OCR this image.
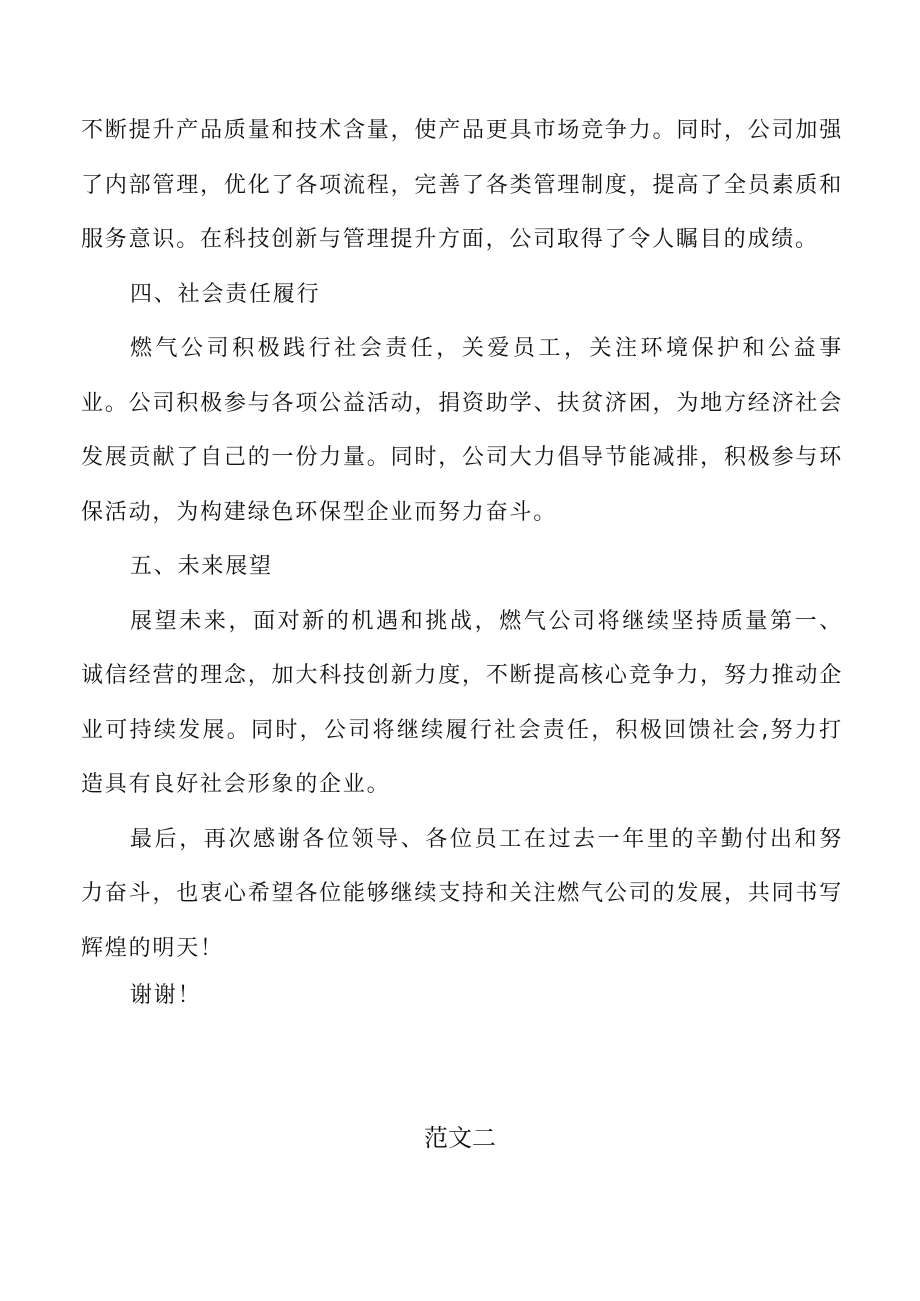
不断提升产品质量和技术含量，使产品更具市场竞争力。同时，公司加强了内部管理，优化了各项流程，完善了各类管理制度，提高了全员素质和服务意识。在科技创新与管理提升方面，公司取得了令人瞩目的成绩。

四、社会责任履行

燃气公司积极践行社会责任，关爱员工，关注环境保护和公益事业。公司积极参与各项公益活动，捐资助学、扶贫济困，为地方经济社会发展贡献了自己的一份力量。同时，公司大力倡导节能减排，积极参与环保活动，为构建绿色环保型企业而努力奋斗。

五、未来展望

展望未来，面对新的机遇和挑战，燃气公司将继续坚持质量第一、诚信经营的理念，加大科技创新力度，不断提高核心竞争力，努力推动企业可持续发展。同时，公司将继续履行社会责任，积极回馈社会,努力打造具有良好社会形象的企业。

最后，再次感谢各位领导、各位员工在过去一年里的辛勤付出和努力奋斗，也衷心希望各位能够继续支持和关注燃气公司的发展，共同书写辉煌的明天！

谢谢！

范文二
